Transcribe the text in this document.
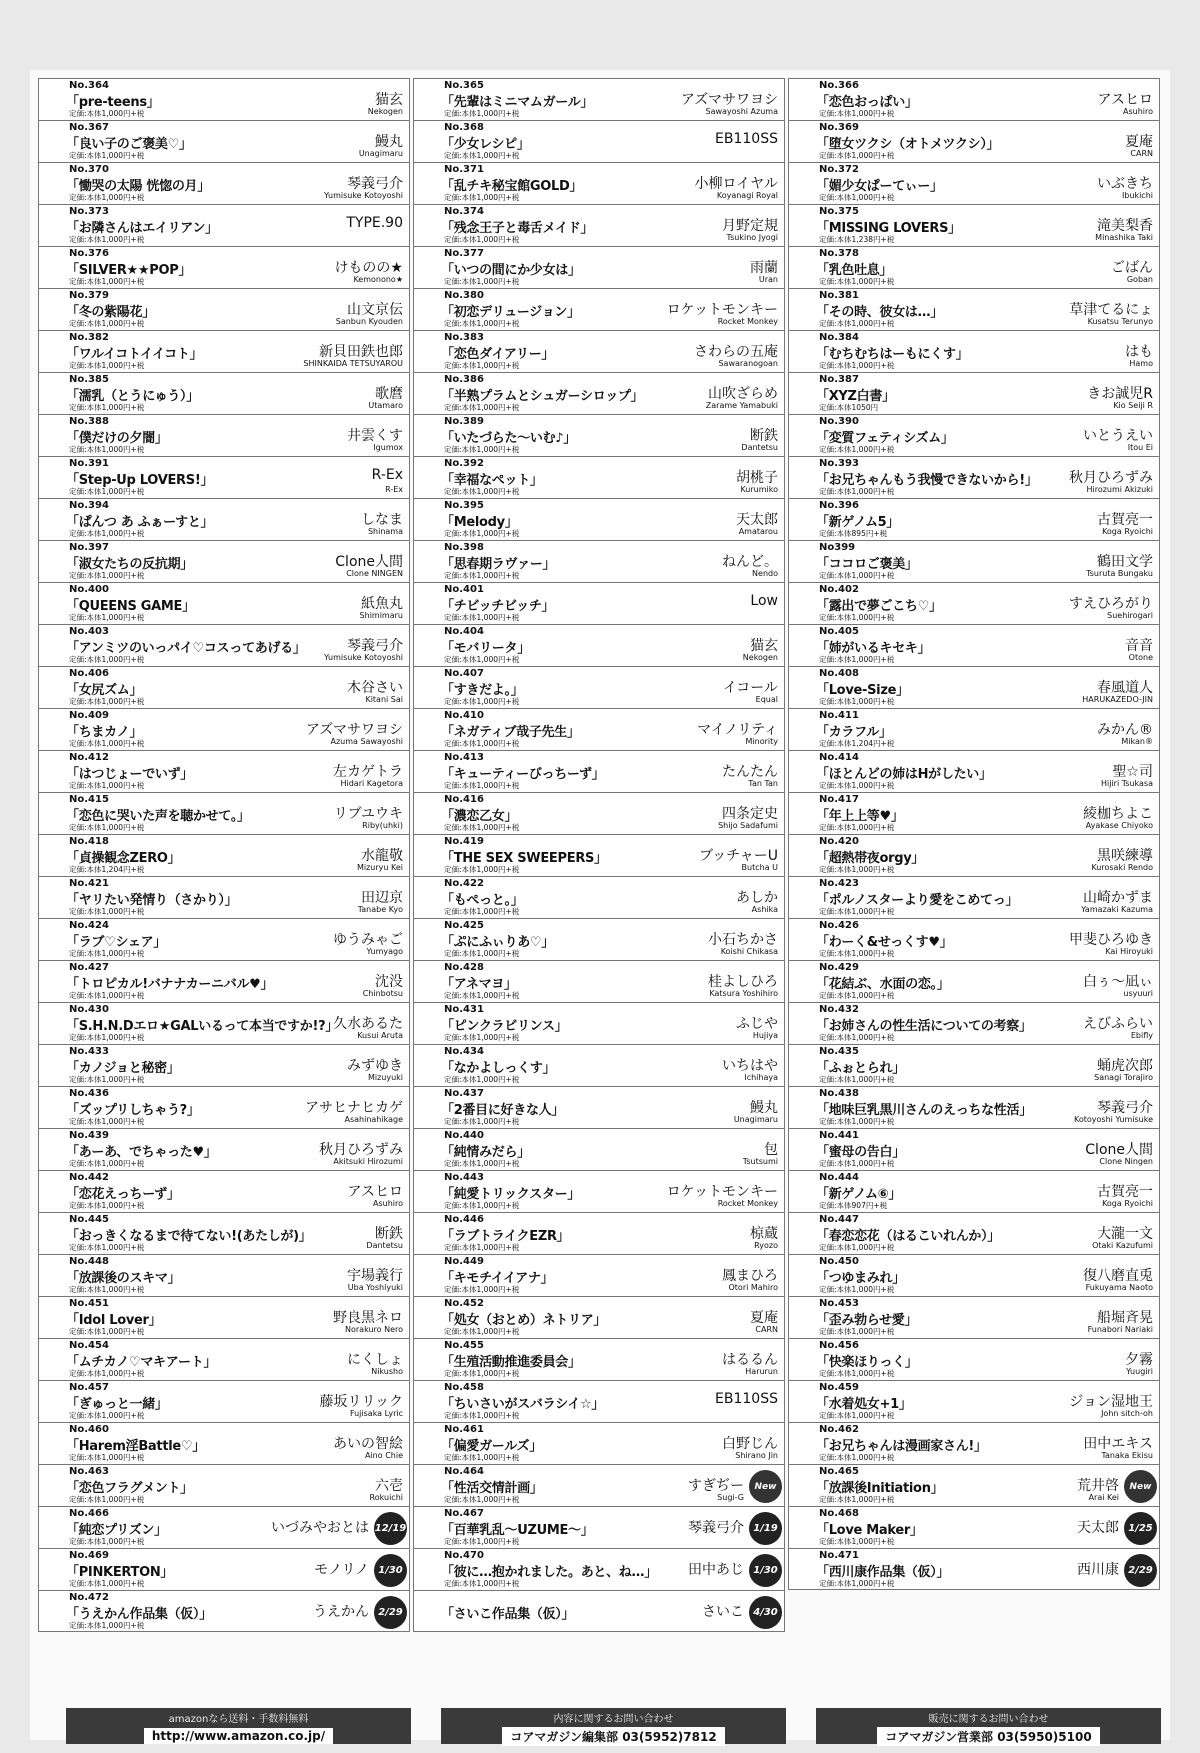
No.364
「pre-teens」
定価:本体1,000円+税
猫玄
Nekogen
No.367
「良い子のご褒美♡」
定価:本体1,000円+税
鰻丸
Unagimaru
No.370
「慟哭の太陽 恍惚の月」
定価:本体1,000円+税
琴義弓介
Yumisuke Kotoyoshi
No.373
「お隣さんはエイリアン」
定価:本体1,000円+税
TYPE.90
No.376
「SILVER★★POP」
定価:本体1,000円+税
けものの★
Kemonono★
No.379
「冬の紫陽花」
定価:本体1,000円+税
山文京伝
Sanbun Kyouden
No.382
「ワルイコトイイコト」
定価:本体1,000円+税
新貝田鉄也郎
SHINKAIDA TETSUYAROU
No.385
「濡乳（とうにゅう）」
定価:本体1,000円+税
歌麿
Utamaro
No.388
「僕だけの夕闇」
定価:本体1,000円+税
井雲くす
Igumox
No.391
「Step-Up LOVERS!」
定価:本体1,000円+税
R-Ex
R-Ex
No.394
「ぱんつ あ ふぁーすと」
定価:本体1,000円+税
しなま
Shinama
No.397
「淑女たちの反抗期」
定価:本体1,000円+税
Clone人間
Clone NINGEN
No.400
「QUEENS GAME」
定価:本体1,000円+税
紙魚丸
Shimimaru
No.403
「アンミツのいっパイ♡コスってあげる」
定価:本体1,000円+税
琴義弓介
Yumisuke Kotoyoshi
No.406
「女尻ズム」
定価:本体1,000円+税
木谷さい
Kitani Sai
No.409
「ちまカノ」
定価:本体1,000円+税
アズマサワヨシ
Azuma Sawayoshi
No.412
「はつじょーでいず」
定価:本体1,000円+税
左カゲトラ
Hidari Kagetora
No.415
「恋色に哭いた声を聴かせて。」
定価:本体1,000円+税
リブユウキ
Riby(uhki)
No.418
「貞操観念ZERO」
定価:本体1,204円+税
水龍敬
Mizuryu Kei
No.421
「ヤリたい発情り（さかり）」
定価:本体1,000円+税
田辺京
Tanabe Kyo
No.424
「ラブ♡シェア」
定価:本体1,000円+税
ゆうみゃご
Yumyago
No.427
「トロピカル!バナナカーニバル♥」
定価:本体1,000円+税
沈没
Chinbotsu
No.430
「S.H.N.Dエロ★GALいるって本当ですか!?」
定価:本体1,000円+税
久水あるた
Kusui Aruta
No.433
「カノジョと秘密」
定価:本体1,000円+税
みずゆき
Mizuyuki
No.436
「ズップリしちゃう?」
定価:本体1,000円+税
アサヒナヒカゲ
Asahinahikage
No.439
「あーあ、でちゃった♥」
定価:本体1,000円+税
秋月ひろずみ
Akitsuki Hirozumi
No.442
「恋花えっちーず」
定価:本体1,000円+税
アスヒロ
Asuhiro
No.445
「おっきくなるまで待てない!(あたしが)」
定価:本体1,000円+税
断鉄
Dantetsu
No.448
「放課後のスキマ」
定価:本体1,000円+税
宇場義行
Uba Yoshiyuki
No.451
「Idol Lover」
定価:本体1,000円+税
野良黒ネロ
Norakuro Nero
No.454
「ムチカノ♡マキアート」
定価:本体1,000円+税
にくしょ
Nikusho
No.457
「ぎゅっと一緒」
定価:本体1,000円+税
藤坂リリック
Fujisaka Lyric
No.460
「Harem淫Battle♡」
定価:本体1,000円+税
あいの智絵
Aino Chie
No.463
「恋色フラグメント」
定価:本体1,000円+税
六壱
Rokuichi
No.466
「純恋プリズン」
定価:本体1,000円+税
いづみやおとは 12/19
No.469
「PINKERTON」
定価:本体1,000円+税
モノリノ 1/30
No.472
「うえかん作品集（仮）」
定価:本体1,000円+税
うえかん 2/29
No.365
「先輩はミニマムガール」
定価:本体1,000円+税
アズマサワヨシ
Sawayoshi Azuma
No.368
「少女レシピ」
定価:本体1,000円+税
EB110SS
No.371
「乱チキ秘宝館GOLD」
定価:本体1,000円+税
小柳ロイヤル
Koyanagi Royal
No.374
「残念王子と毒舌メイド」
定価:本体1,000円+税
月野定規
Tsukino Jyogi
No.377
「いつの間にか少女は」
定価:本体1,000円+税
雨蘭
Uran
No.380
「初恋デリュージョン」
定価:本体1,000円+税
ロケットモンキー
Rocket Monkey
No.383
「恋色ダイアリー」
定価:本体1,000円+税
さわらの五庵
Sawaranogoan
No.386
「半熟プラムとシュガーシロップ」
定価:本体1,000円+税
山吹ざらめ
Zarame Yamabuki
No.389
「いたづらた〜いむ♪」
定価:本体1,000円+税
断鉄
Dantetsu
No.392
「幸福なペット」
定価:本体1,000円+税
胡桃子
Kurumiko
No.395
「Melody」
定価:本体1,000円+税
天太郎
Amatarou
No.398
「思春期ラヴァー」
定価:本体1,000円+税
ねんど。
Nendo
No.401
「チビッチビッチ」
定価:本体1,000円+税
Low
No.404
「モバリータ」
定価:本体1,000円+税
猫玄
Nekogen
No.407
「すきだよ。」
定価:本体1,000円+税
イコール
Equal
No.410
「ネガティブ哉子先生」
定価:本体1,000円+税
マイノリティ
Minority
No.413
「キューティーびっちーず」
定価:本体1,000円+税
たんたん
Tan Tan
No.416
「濃恋乙女」
定価:本体1,000円+税
四条定史
Shijo Sadafumi
No.419
「THE SEX SWEEPERS」
定価:本体1,000円+税
ブッチャーU
Butcha U
No.422
「もぺっと。」
定価:本体1,000円+税
あしか
Ashika
No.425
「ぷにふぃりあ♡」
定価:本体1,000円+税
小石ちかさ
Koishi Chikasa
No.428
「アネマヨ」
定価:本体1,000円+税
桂よしひろ
Katsura Yoshihiro
No.431
「ピンクラビリンス」
定価:本体1,000円+税
ふじや
Hujiya
No.434
「なかよしっくす」
定価:本体1,000円+税
いちはや
Ichihaya
No.437
「2番目に好きな人」
定価:本体1,000円+税
鰻丸
Unagimaru
No.440
「純情みだら」
定価:本体1,000円+税
包
Tsutsumi
No.443
「純愛トリックスター」
定価:本体1,000円+税
ロケットモンキー
Rocket Monkey
No.446
「ラブトライクEZR」
定価:本体1,000円+税
椋蔵
Ryozo
No.449
「キモチイイアナ」
定価:本体1,000円+税
鳳まひろ
Otori Mahiro
No.452
「処女（おとめ）ネトリア」
定価:本体1,000円+税
夏庵
CARN
No.455
「生殖活動推進委員会」
定価:本体1,000円+税
はるるん
Harurun
No.458
「ちいさいがスバラシイ☆」
定価:本体1,000円+税
EB110SS
No.461
「偏愛ガールズ」
定価:本体1,000円+税
白野じん
Shirano Jin
No.464
「性活交情計画」
定価:本体1,000円+税
すぎぢー
Sugi-G
New
No.467
「百華乳乱〜UZUME〜」
定価:本体1,000円+税
琴義弓介 1/19
No.470
「彼に…抱かれました。あと、ね…」
定価:本体1,000円+税
田中あじ 1/30
「さいこ作品集（仮）」	さいこ 4/30
No.366
「恋色おっぱい」
定価:本体1,000円+税
アスヒロ
Asuhiro
No.369
「堕女ツクシ（オトメツクシ）」
定価:本体1,000円+税
夏庵
CARN
No.372
「媚少女ぱーてぃー」
定価:本体1,000円+税
いぶきち
Ibukichi
No.375
「MISSING LOVERS」
定価:本体1,238円+税
滝美梨香
Minashika Taki
No.378
「乳色吐息」
定価:本体1,000円+税
ごばん
Goban
No.381
「その時、彼女は…」
定価:本体1,000円+税
草津てるにょ
Kusatsu Terunyo
No.384
「むちむちはーもにくす」
定価:本体1,000円+税
はも
Hamo
No.387
「XYZ白書」
定価:本体1050円
きお誠児R
Kio Seiji R
No.390
「変質フェティシズム」
定価:本体1,000円+税
いとうえい
Itou Ei
No.393
「お兄ちゃんもう我慢できないから!」
定価:本体1,000円+税
秋月ひろずみ
Hirozumi Akizuki
No.396
「新ゲノム5」
定価:本体895円+税
古賀亮一
Koga Ryoichi
No399
「ココロご褒美」
定価:本体1,000円+税
鶴田文学
Tsuruta Bungaku
No.402
「露出で夢ごこち♡」
定価:本体1,000円+税
すえひろがり
Suehirogari
No.405
「姉がいるキセキ」
定価:本体1,000円+税
音音
Otone
No.408
「Love-Size」
定価:本体1,000円+税
春風道人
HARUKAZEDO-JIN
No.411
「カラフル」
定価:本体1,204円+税
みかん®
Mikan®
No.414
「ほとんどの姉はHがしたい」
定価:本体1,000円+税
聖☆司
Hijiri Tsukasa
No.417
「年上上等♥」
定価:本体1,000円+税
綾枷ちよこ
Ayakase Chiyoko
No.420
「超熱帯夜orgy」
定価:本体1,000円+税
黒咲練導
Kurosaki Rendo
No.423
「ポルノスターより愛をこめてっ」
定価:本体1,000円+税
山崎かずま
Yamazaki Kazuma
No.426
「わーく&せっくす♥」
定価:本体1,000円+税
甲斐ひろゆき
Kai Hiroyuki
No.429
「花結ぶ、水面の恋。」
定価:本体1,000円+税
白ぅ〜凪ぃ
usyuuri
No.432
「お姉さんの性生活についての考察」
定価:本体1,000円+税
えびふらい
Ebifly
No.435
「ふぉとられ」
定価:本体1,000円+税
蛹虎次郎
Sanagi Torajiro
No.438
「地味巨乳黒川さんのえっちな性活」
定価:本体1,000円+税
琴義弓介
Kotoyoshi Yumisuke
No.441
「蜜母の告白」
定価:本体1,000円+税
Clone人間
Clone Ningen
No.444
「新ゲノム⑥」
定価:本体907円+税
古賀亮一
Koga Ryoichi
No.447
「春恋恋花（はるこいれんか）」
定価:本体1,000円+税
大瀧一文
Otaki Kazufumi
No.450
「つゆまみれ」
定価:本体1,000円+税
復八磨直兎
Fukuyama Naoto
No.453
「歪み勃らせ愛」
定価:本体1,000円+税
船堀斉晃
Funabori Nariaki
No.456
「快楽ほりっく」
定価:本体1,000円+税
夕霧
Yuugiri
No.459
「水着処女+1」
定価:本体1,000円+税
ジョン湿地王
John sitch-oh
No.462
「お兄ちゃんは漫画家さん!」
定価:本体1,000円+税
田中エキス
Tanaka Ekisu
No.465
「放課後Initiation」
定価:本体1,000円+税
荒井啓
Arai Kei
New
No.468
「Love Maker」
定価:本体1,000円+税
天太郎 1/25
No.471
「西川康作品集（仮）」
定価:本体1,000円+税
西川康 2/29
amazonなら送料・手数料無料
http://www.amazon.co.jp/
内容に関するお問い合わせ
コアマガジン編集部 03(5952)7812
販売に関するお問い合わせ
コアマガジン営業部 03(5950)5100
